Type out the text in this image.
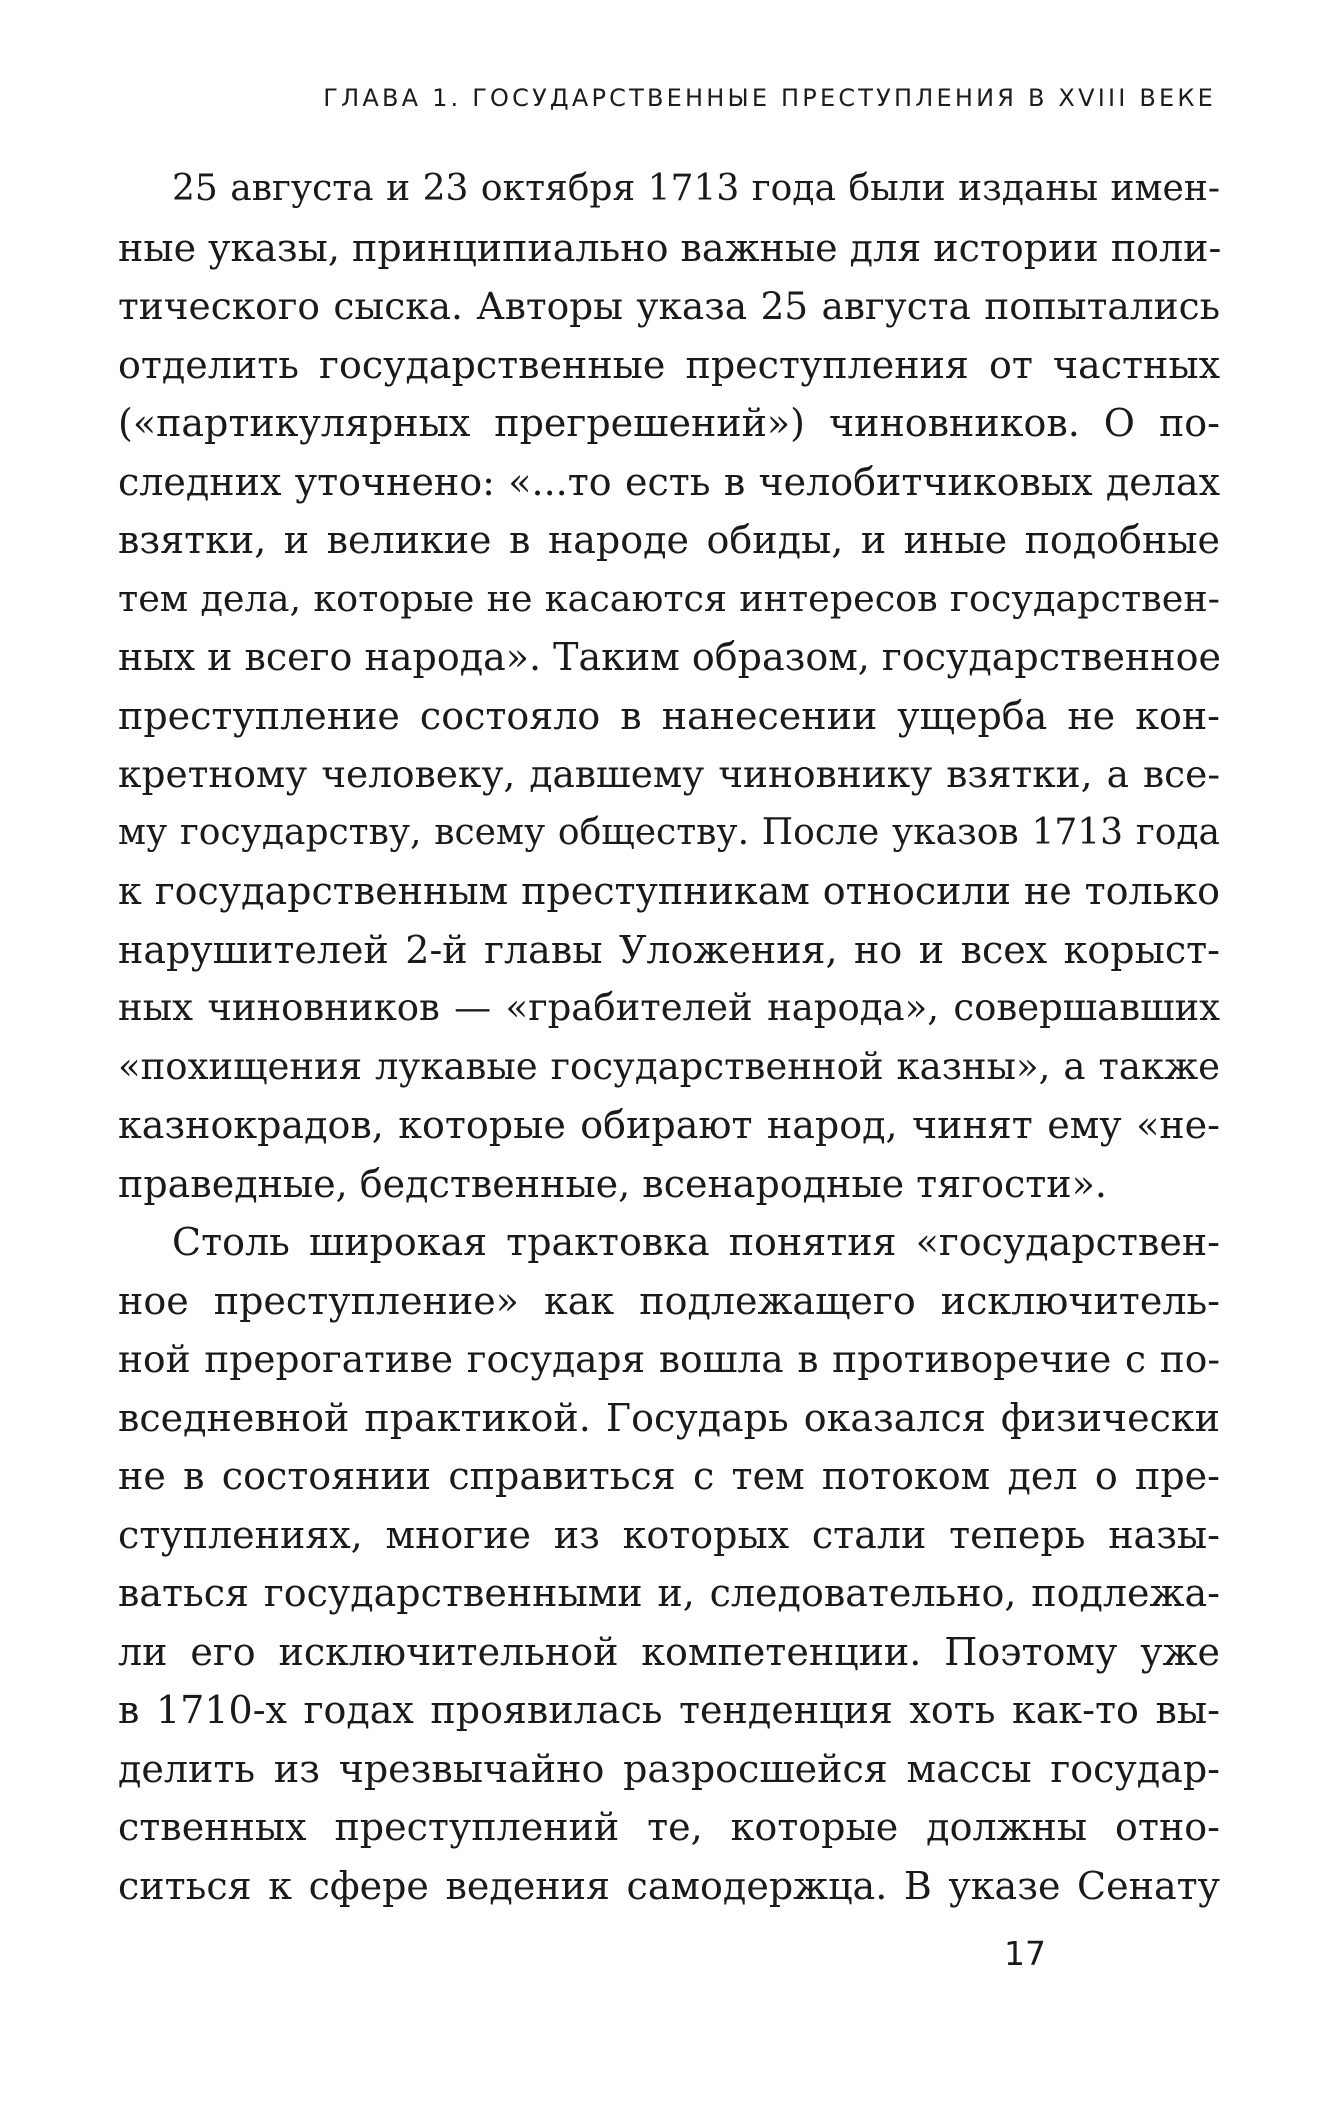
ГЛАВА 1. ГОСУДАРСТВЕННЫЕ ПРЕСТУПЛЕНИЯ В XVIII ВЕКЕ
25 августа и 23 октября 1713 года были изданы имен-
ные указы, принципиально важные для истории поли-
тического сыска. Авторы указа 25 августа попытались
отделить государственные преступления от частных
(«партикулярных прегрешений») чиновников. О по-
следних уточнено: «...то есть в челобитчиковых делах
взятки, и великие в народе обиды, и иные подобные
тем дела, которые не касаются интересов государствен-
ных и всего народа». Таким образом, государственное
преступление состояло в нанесении ущерба не кон-
кретному человеку, давшему чиновнику взятки, а все-
му государству, всему обществу. После указов 1713 года
к государственным преступникам относили не только
нарушителей 2-й главы Уложения, но и всех корыст-
ных чиновников — «грабителей народа», совершавших
«похищения лукавые государственной казны», а также
казнокрадов, которые обирают народ, чинят ему «не-
праведные, бедственные, всенародные тягости».
Столь широкая трактовка понятия «государствен-
ное преступление» как подлежащего исключитель-
ной прерогативе государя вошла в противоречие с по-
вседневной практикой. Государь оказался физически
не в состоянии справиться с тем потоком дел о пре-
ступлениях, многие из которых стали теперь назы-
ваться государственными и, следовательно, подлежа-
ли его исключительной компетенции. Поэтому уже
в 1710-х годах проявилась тенденция хоть как-то вы-
делить из чрезвычайно разросшейся массы государ-
ственных преступлений те, которые должны отно-
ситься к сфере ведения самодержца. В указе Сенату
17
